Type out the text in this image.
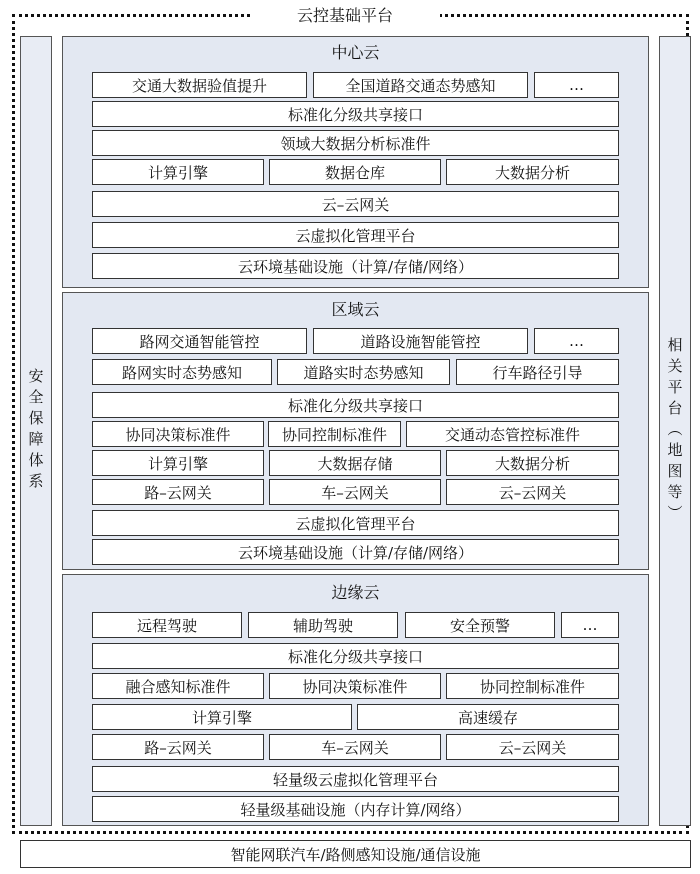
云控基础平台
安全保障体系	相关平台（地图等）
中心云
交通大数据验值提升	全国道路交通态势感知	…
标准化分级共享接口
领域大数据分析标准件
计算引擎	数据仓库	大数据分析
云–云网关
云虚拟化管理平台
云环境基础设施（计算/存储/网络）
区域云
路网交通智能管控	道路设施智能管控	…
路网实时态势感知	道路实时态势感知	行车路径引导
标准化分级共享接口
协同决策标准件	协同控制标准件	交通动态管控标准件
计算引擎	大数据存储	大数据分析
路–云网关	车–云网关	云–云网关
云虚拟化管理平台
云环境基础设施（计算/存储/网络）
边缘云
远程驾驶	辅助驾驶	安全预警	…
标准化分级共享接口
融合感知标准件	协同决策标准件	协同控制标准件
计算引擎	高速缓存
路–云网关	车–云网关	云–云网关
轻量级云虚拟化管理平台
轻量级基础设施（内存计算/网络）
智能网联汽车/路侧感知设施/通信设施
